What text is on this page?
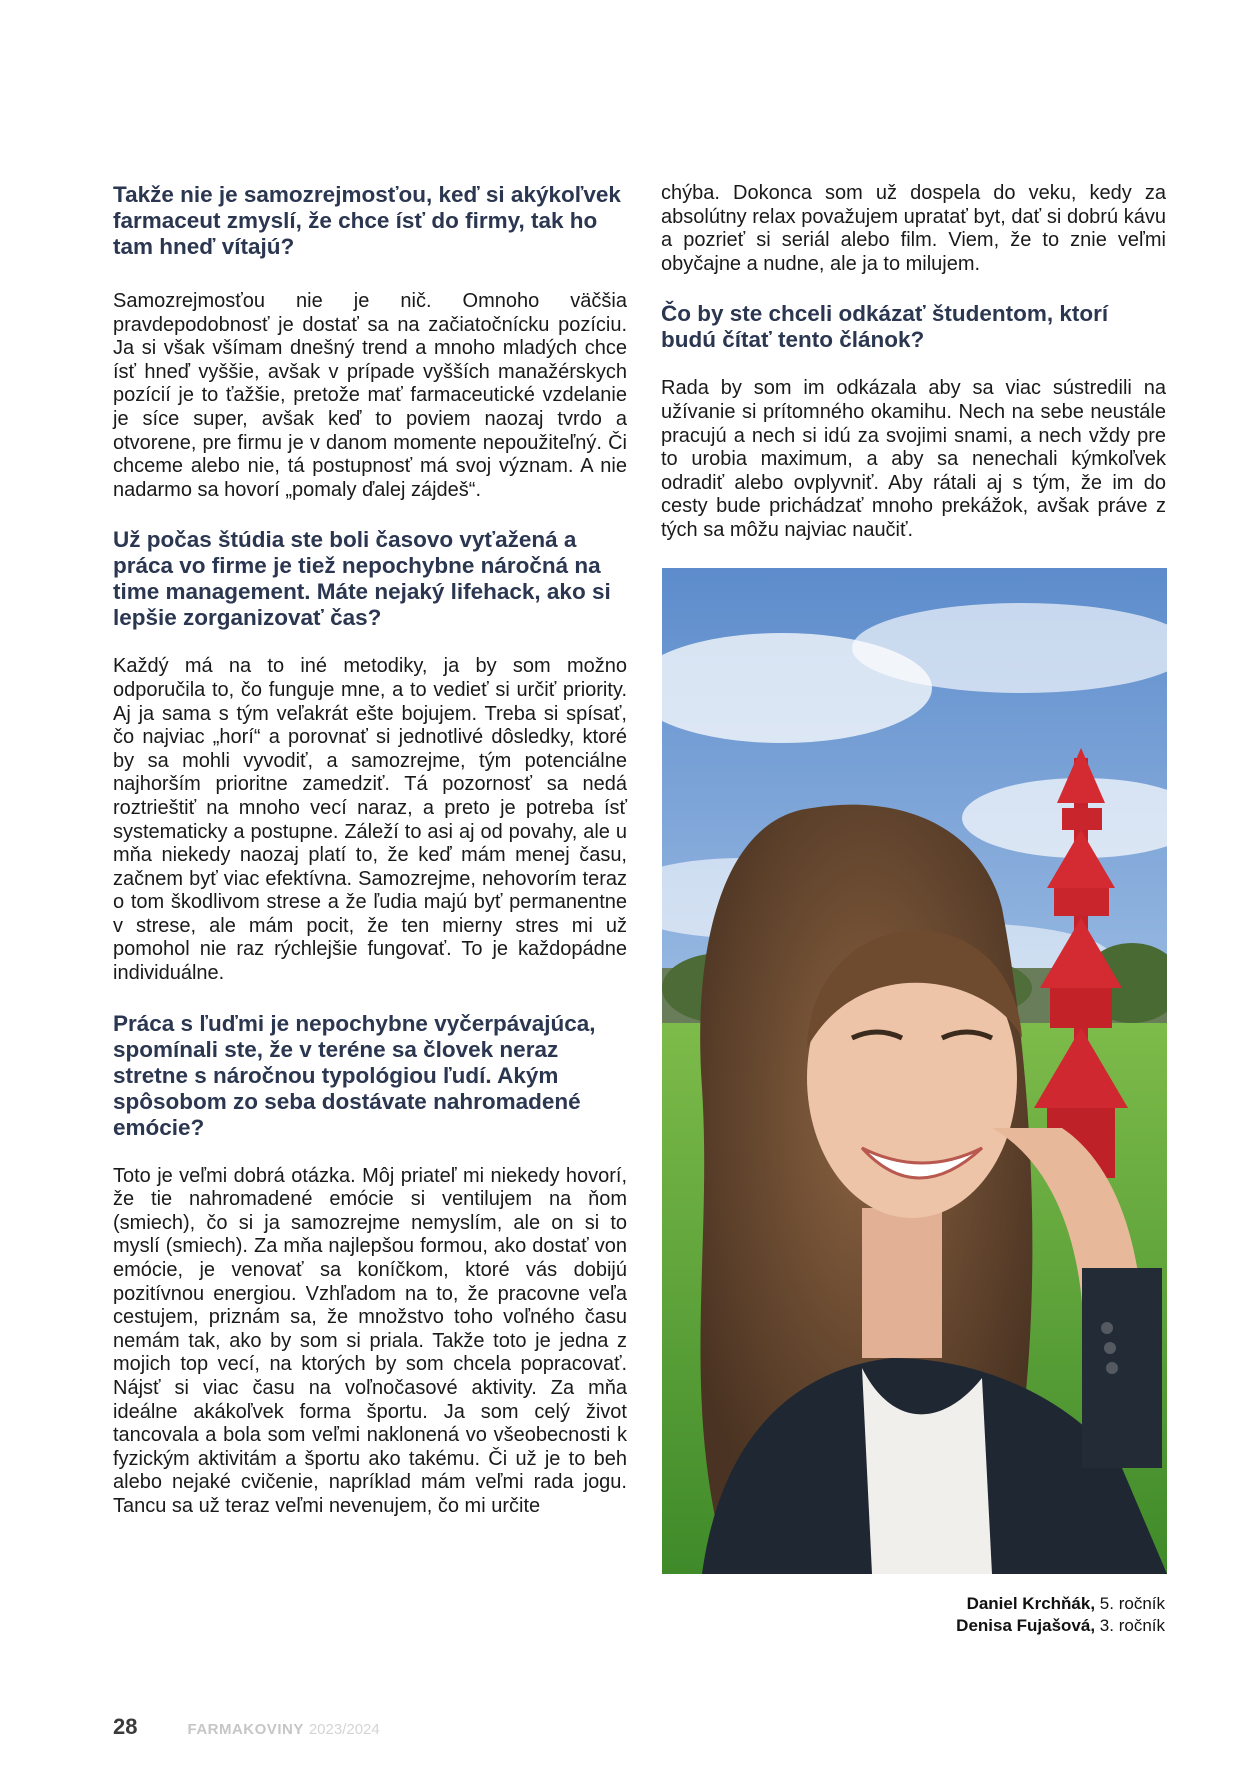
Takže nie je samozrejmosťou, keď si akýkoľvek farmaceut zmyslí, že chce ísť do firmy, tak ho tam hneď vítajú?

Samozrejmosťou nie je nič. Omnoho väčšia pravdepodobnosť je dostať sa na začiatočnícku pozíciu. Ja si však všímam dnešný trend a mnoho mladých chce ísť hneď vyššie, avšak v prípade vyšších manažérskych pozícií je to ťažšie, pretože mať farmaceutické vzdelanie je síce super, avšak keď to poviem naozaj tvrdo a otvorene, pre firmu je v danom momente nepoužiteľný. Či chceme alebo nie, tá postupnosť má svoj význam. A nie nadarmo sa hovorí „pomaly ďalej zájdeš“.

Už počas štúdia ste boli časovo vyťažená a práca vo firme je tiež nepochybne náročná na time management. Máte nejaký lifehack, ako si lepšie zorganizovať čas?

Každý má na to iné metodiky, ja by som možno odporučila to, čo funguje mne, a to vedieť si určiť priority. Aj ja sama s tým veľakrát ešte bojujem. Treba si spísať, čo najviac „horí“ a porovnať si jednotlivé dôsledky, ktoré by sa mohli vyvodiť, a samozrejme, tým potenciálne najhorším prioritne zamedziť. Tá pozornosť sa nedá roztrieštiť na mnoho vecí naraz, a preto je potreba ísť systematicky a postupne. Záleží to asi aj od povahy, ale u mňa niekedy naozaj platí to, že keď mám menej času, začnem byť viac efektívna. Samozrejme, nehovorím teraz o tom škodlivom strese a že ľudia majú byť permanentne v strese, ale mám pocit, že ten mierny stres mi už pomohol nie raz rýchlejšie fungovať. To je každopádne individuálne.

Práca s ľuďmi je nepochybne vyčerpávajúca, spomínali ste, že v teréne sa človek neraz stretne s náročnou typológiou ľudí. Akým spôsobom zo seba dostávate nahromadené emócie?

Toto je veľmi dobrá otázka. Môj priateľ mi niekedy hovorí, že tie nahromadené emócie si ventilujem na ňom (smiech), čo si ja samozrejme nemyslím, ale on si to myslí (smiech). Za mňa najlepšou formou, ako dostať von emócie, je venovať sa koníčkom, ktoré vás dobijú pozitívnou energiou. Vzhľadom na to, že pracovne veľa cestujem, priznám sa, že množstvo toho voľného času nemám tak, ako by som si priala. Takže toto je jedna z mojich top vecí, na ktorých by som chcela popracovať. Nájsť si viac času na voľnočasové aktivity. Za mňa ideálne akákoľvek forma športu. Ja som celý život tancovala a bola som veľmi naklonená vo všeobecnosti k fyzickým aktivitám a športu ako takému. Či už je to beh alebo nejaké cvičenie, napríklad mám veľmi rada jogu. Tancu sa už teraz veľmi nevenujem, čo mi určite

chýba. Dokonca som už dospela do veku, kedy za absolútny relax považujem upratať byt, dať si dobrú kávu a pozrieť si seriál alebo film. Viem, že to znie veľmi obyčajne a nudne, ale ja to milujem.

Čo by ste chceli odkázať študentom, ktorí budú čítať tento článok?

Rada by som im odkázala aby sa viac sústredili na užívanie si prítomného okamihu. Nech na sebe neustále pracujú a nech si idú za svojimi snami, a nech vždy pre to urobia maximum, a aby sa nenechali kýmkoľvek odradiť alebo ovplyvniť. Aby rátali aj s tým, že im do cesty bude prichádzať mnoho prekážok, avšak práve z tých sa môžu najviac naučiť.

Daniel Krchňák, 5. ročník
Denisa Fujašová, 3. ročník
28	FARMAKOVINY 2023/2024
